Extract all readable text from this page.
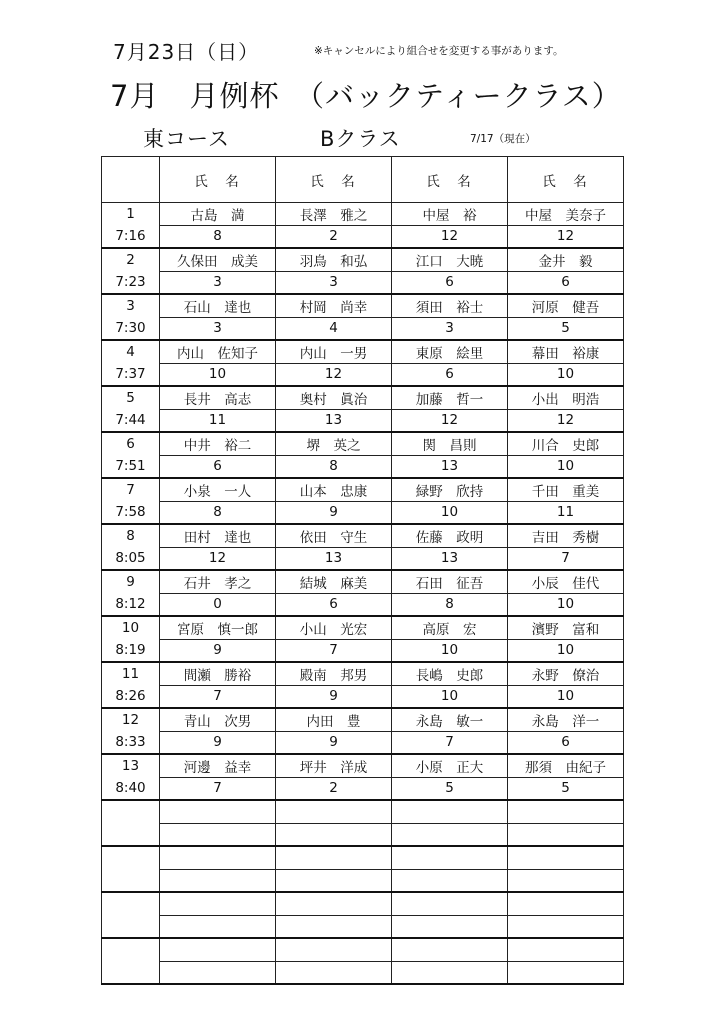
7月23日（日）	※キャンセルにより組合せを変更する事があります。
7月　月例杯　（バックティークラス）
東コース	Bクラス	7/17（現在）
	氏　名	氏　名	氏　名	氏　名
1	古島　満	長澤　雅之	中屋　裕	中屋　美奈子
7:16	8	2	12	12
2	久保田　成美	羽鳥　和弘	江口　大暁	金井　毅
7:23	3	3	6	6
3	石山　達也	村岡　尚幸	須田　裕士	河原　健吾
7:30	3	4	3	5
4	内山　佐知子	内山　一男	東原　絵里	幕田　裕康
7:37	10	12	6	10
5	長井　高志	奥村　眞治	加藤　哲一	小出　明浩
7:44	11	13	12	12
6	中井　裕二	堺　英之	関　昌則	川合　史郎
7:51	6	8	13	10
7	小泉　一人	山本　忠康	緑野　欣持	千田　重美
7:58	8	9	10	11
8	田村　達也	依田　守生	佐藤　政明	吉田　秀樹
8:05	12	13	13	7
9	石井　孝之	結城　麻美	石田　征吾	小辰　佳代
8:12	0	6	8	10
10	宮原　慎一郎	小山　光宏	高原　宏	濱野　富和
8:19	9	7	10	10
11	間瀬　勝裕	殿南　邦男	長嶋　史郎	永野　僚治
8:26	7	9	10	10
12	青山　次男	内田　豊	永島　敏一	永島　洋一
8:33	9	9	7	6
13	河邊　益幸	坪井　洋成	小原　正大	那須　由紀子
8:40	7	2	5	5
